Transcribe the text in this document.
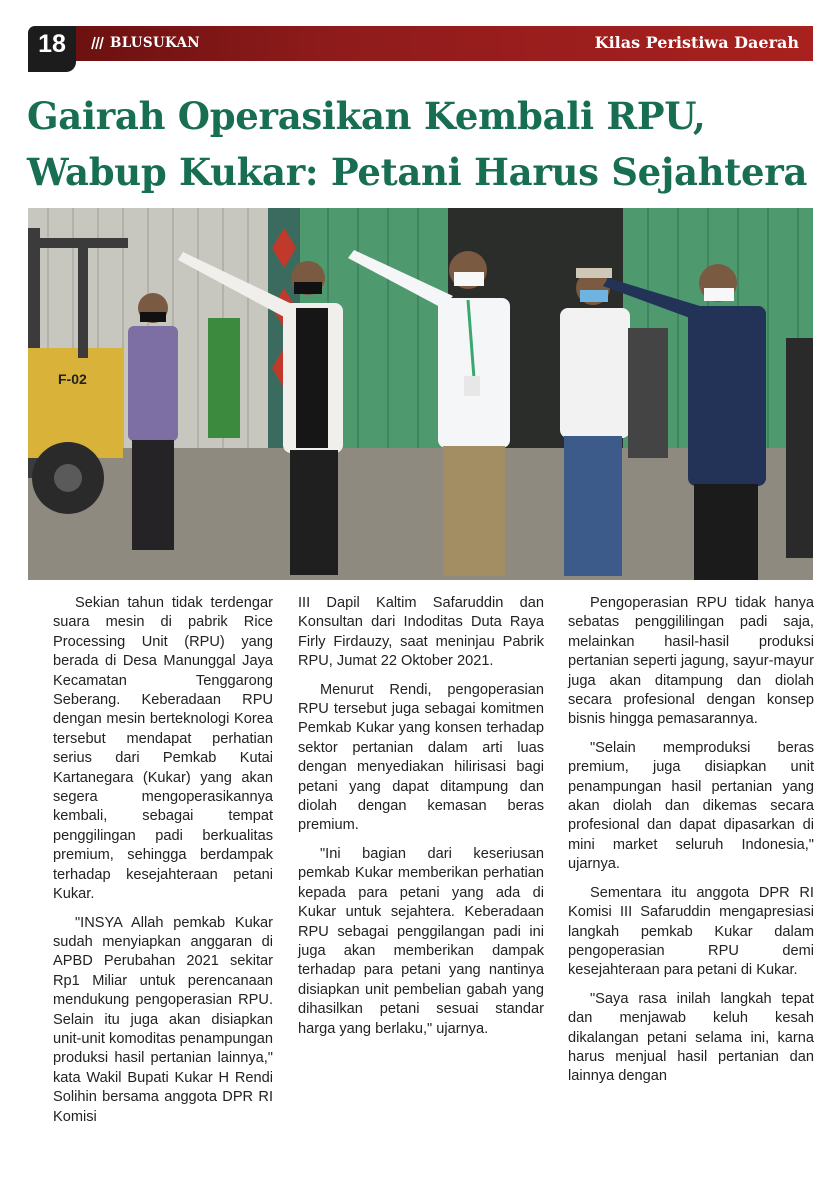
18	BLUSUKAN	Kilas Peristiwa Daerah
Gairah Operasikan Kembali RPU,
Wabup Kukar: Petani Harus Sejahtera
F-02

Sekian tahun tidak terdengar suara mesin di pabrik Rice Processing Unit (RPU) yang berada di Desa Manunggal Jaya Kecamatan Tenggarong Seberang. Keberadaan RPU dengan mesin berteknologi Korea tersebut mendapat perhatian serius dari Pemkab Kutai Kartanegara (Kukar) yang akan segera mengoperasikannya kembali, sebagai tempat penggilingan padi berkualitas premium, sehingga berdampak terhadap kesejahteraan petani Kukar.

"INSYA Allah pemkab Kukar sudah menyiapkan anggaran di APBD Perubahan 2021 sekitar Rp1 Miliar untuk perencanaan mendukung pengoperasian RPU. Selain itu juga akan disiapkan unit-unit komoditas penampungan produksi hasil pertanian lainnya," kata Wakil Bupati Kukar H Rendi Solihin bersama anggota DPR RI Komisi

III Dapil Kaltim Safaruddin dan Konsultan dari Indoditas Duta Raya Firly Firdauzy, saat meninjau Pabrik RPU, Jumat 22 Oktober 2021.

Menurut Rendi, pengoperasian RPU tersebut juga sebagai komitmen Pemkab Kukar yang konsen terhadap sektor pertanian dalam arti luas dengan menyediakan hilirisasi bagi petani yang dapat ditampung dan diolah dengan kemasan beras premium.

"Ini bagian dari keseriusan pemkab Kukar memberikan perhatian kepada para petani yang ada di Kukar untuk sejahtera. Keberadaan RPU sebagai penggilangan padi ini juga akan memberikan dampak terhadap para petani yang nantinya disiapkan unit pembelian gabah yang dihasilkan petani sesuai standar harga yang berlaku," ujarnya.

Pengoperasian RPU tidak hanya sebatas penggililingan padi saja, melainkan hasil-hasil produksi pertanian seperti jagung, sayur-mayur juga akan ditampung dan diolah secara profesional dengan konsep bisnis hingga pemasarannya.

"Selain memproduksi beras premium, juga disiapkan unit penampungan hasil pertanian yang akan diolah dan dikemas secara profesional dan dapat dipasarkan di mini market seluruh Indonesia," ujarnya.

Sementara itu anggota DPR RI Komisi III Safaruddin mengapresiasi langkah pemkab Kukar dalam pengoperasian RPU demi kesejahteraan para petani di Kukar.

"Saya rasa inilah langkah tepat dan menjawab keluh kesah dikalangan petani selama ini, karna harus menjual hasil pertanian dan lainnya dengan
